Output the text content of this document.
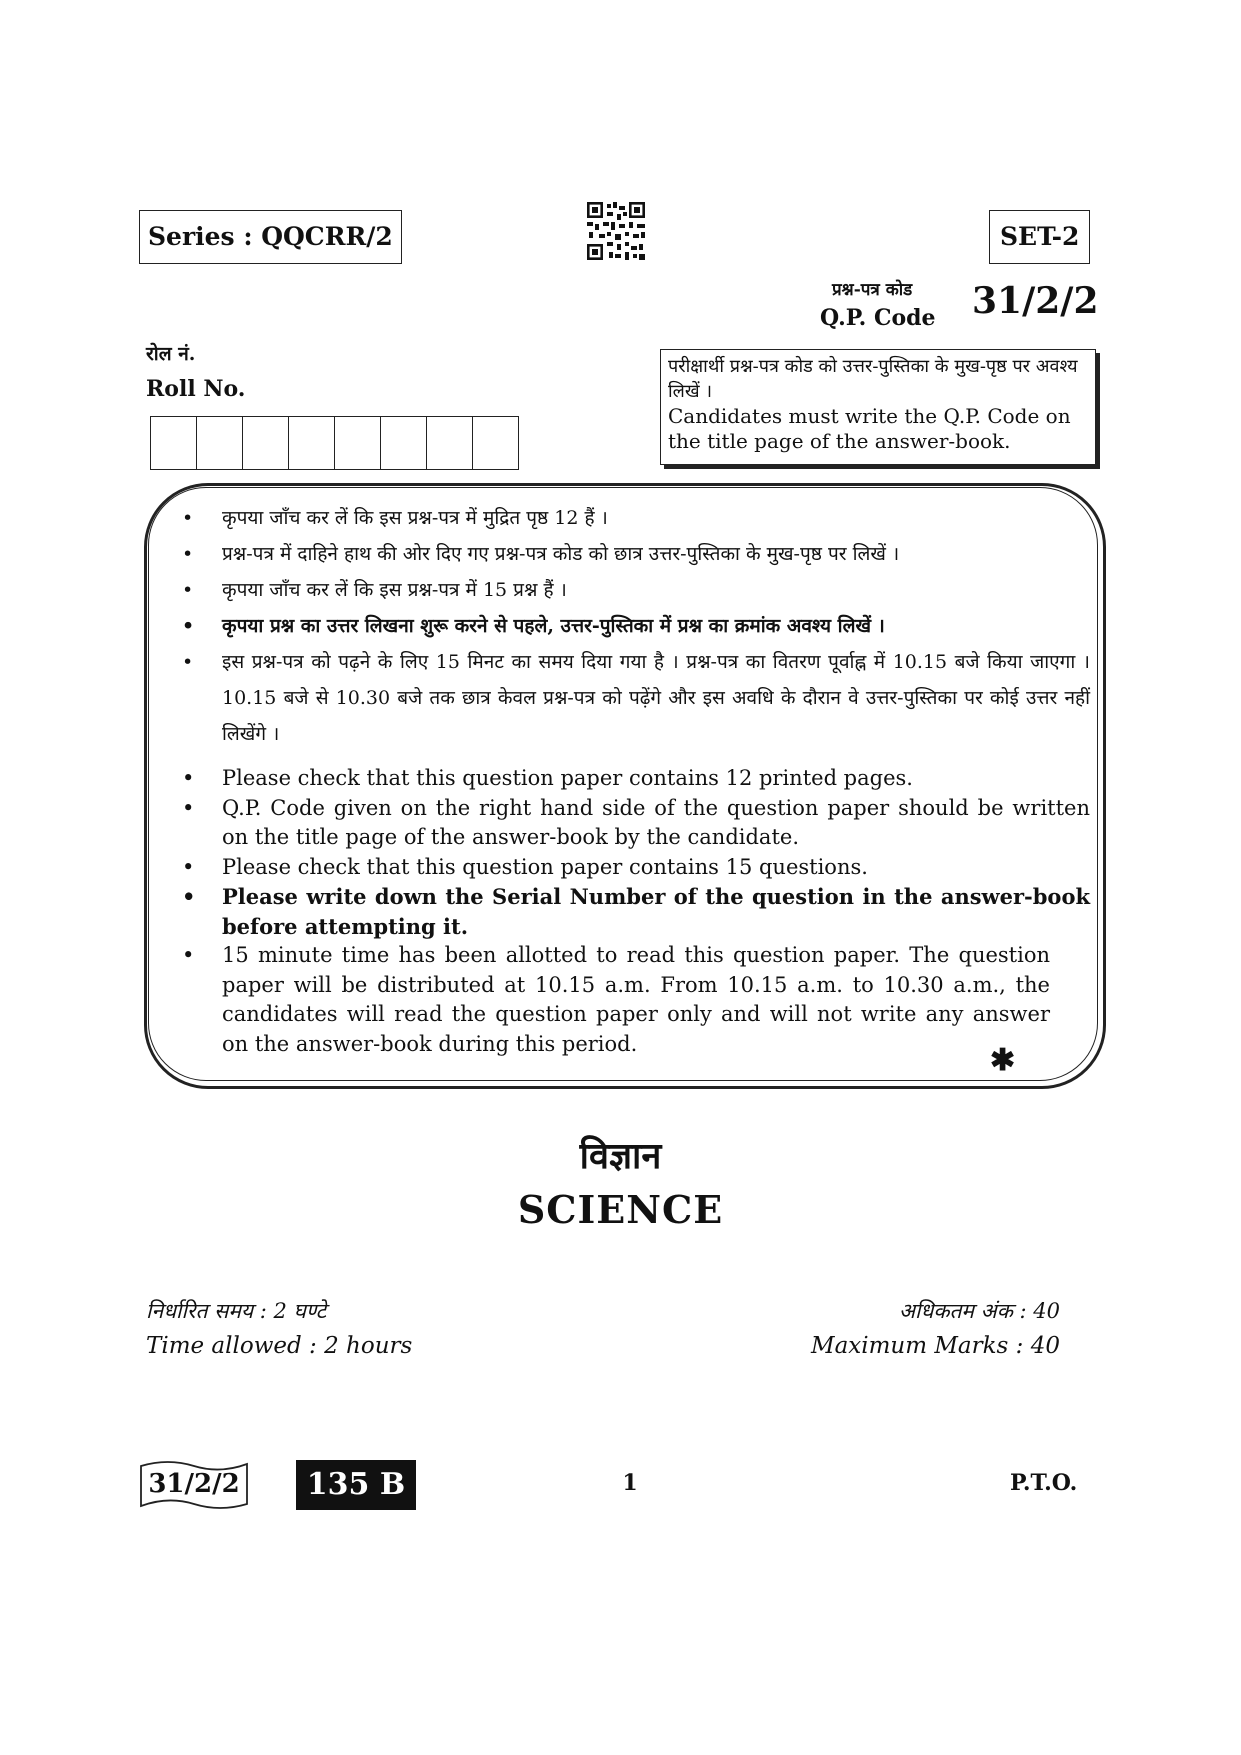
Series : QQCRR/2	SET-2
प्रश्न-पत्र कोड
Q.P. Code 31/2/2
रोल नं.
Roll No.
परीक्षार्थी प्रश्न-पत्र कोड को उत्तर-पुस्तिका के मुख-पृष्ठ पर अवश्य लिखें ।
Candidates must write the Q.P. Code on the title page of the answer-book.
• कृपया जाँच कर लें कि इस प्रश्न-पत्र में मुद्रित पृष्ठ 12 हैं ।
• प्रश्न-पत्र में दाहिने हाथ की ओर दिए गए प्रश्न-पत्र कोड को छात्र उत्तर-पुस्तिका के मुख-पृष्ठ पर लिखें ।
• कृपया जाँच कर लें कि इस प्रश्न-पत्र में 15 प्रश्न हैं ।
• कृपया प्रश्न का उत्तर लिखना शुरू करने से पहले, उत्तर-पुस्तिका में प्रश्न का क्रमांक अवश्य लिखें ।
• इस प्रश्न-पत्र को पढ़ने के लिए 15 मिनट का समय दिया गया है । प्रश्न-पत्र का वितरण पूर्वाह्न में 10.15 बजे किया जाएगा । 10.15 बजे से 10.30 बजे तक छात्र केवल प्रश्न-पत्र को पढ़ेंगे और इस अवधि के दौरान वे उत्तर-पुस्तिका पर कोई उत्तर नहीं लिखेंगे ।
• Please check that this question paper contains 12 printed pages.
• Q.P. Code given on the right hand side of the question paper should be written on the title page of the answer-book by the candidate.
• Please check that this question paper contains 15 questions.
• Please write down the Serial Number of the question in the answer-book before attempting it.
• 15 minute time has been allotted to read this question paper. The question paper will be distributed at 10.15 a.m. From 10.15 a.m. to 10.30 a.m., the candidates will read the question paper only and will not write any answer on the answer-book during this period.	✱
विज्ञान
SCIENCE
निर्धारित समय : 2 घण्टे
Time allowed : 2 hours
अधिकतम अंक : 40
Maximum Marks : 40
31/2/2	135 B	1	P.T.O.
